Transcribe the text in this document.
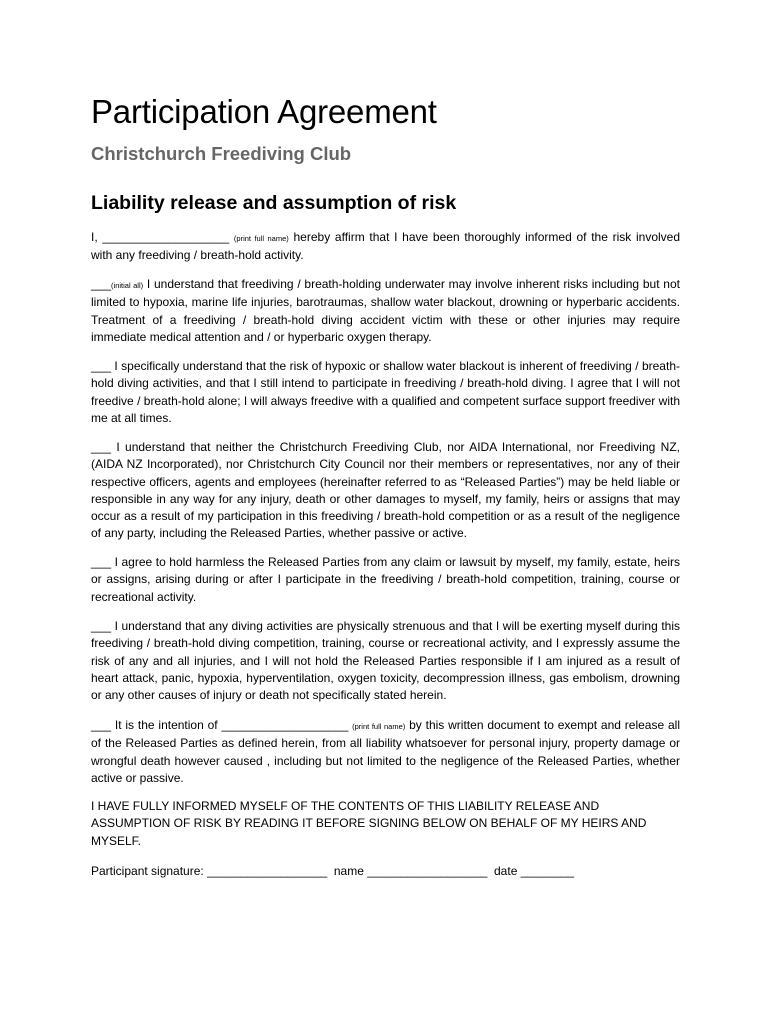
Participation Agreement
Christchurch Freediving Club
Liability release and assumption of risk

I, ___________________ (print full name) hereby affirm that I have been thoroughly informed of the risk involved with any freediving / breath-hold activity.

___(initial all) I understand that freediving / breath-holding underwater may involve inherent risks including but not limited to hypoxia, marine life injuries, barotraumas, shallow water blackout, drowning or hyperbaric accidents. Treatment of a freediving / breath-hold diving accident victim with these or other injuries may require immediate medical attention and / or hyperbaric oxygen therapy.

___ I specifically understand that the risk of hypoxic or shallow water blackout is inherent of freediving / breath-hold diving activities, and that I still intend to participate in freediving / breath-hold diving. I agree that I will not freedive / breath-hold alone; I will always freedive with a qualified and competent surface support freediver with me at all times.

___ I understand that neither the Christchurch Freediving Club, nor AIDA International, nor Freediving NZ, (AIDA NZ Incorporated), nor Christchurch City Council nor their members or representatives, nor any of their respective officers, agents and employees (hereinafter referred to as “Released Parties”) may be held liable or responsible in any way for any injury, death or other damages to myself, my family, heirs or assigns that may occur as a result of my participation in this freediving / breath-hold competition or as a result of the negligence of any party, including the Released Parties, whether passive or active.

___ I agree to hold harmless the Released Parties from any claim or lawsuit by myself, my family, estate, heirs or assigns, arising during or after I participate in the freediving / breath-hold competition, training, course or recreational activity.

___ I understand that any diving activities are physically strenuous and that I will be exerting myself during this freediving / breath-hold diving competition, training, course or recreational activity, and I expressly assume the risk of any and all injuries, and I will not hold the Released Parties responsible if I am injured as a result of heart attack, panic, hypoxia, hyperventilation, oxygen toxicity, decompression illness, gas embolism, drowning or any other causes of injury or death not specifically stated herein.

___ It is the intention of ___________________ (print full name) by this written document to exempt and release all of the Released Parties as defined herein, from all liability whatsoever for personal injury, property damage or wrongful death however caused , including but not limited to the negligence of the Released Parties, whether active or passive.

I HAVE FULLY INFORMED MYSELF OF THE CONTENTS OF THIS LIABILITY RELEASE AND ASSUMPTION OF RISK BY READING IT BEFORE SIGNING BELOW ON BEHALF OF MY HEIRS AND MYSELF.

Participant signature: __________________  name __________________  date ________
